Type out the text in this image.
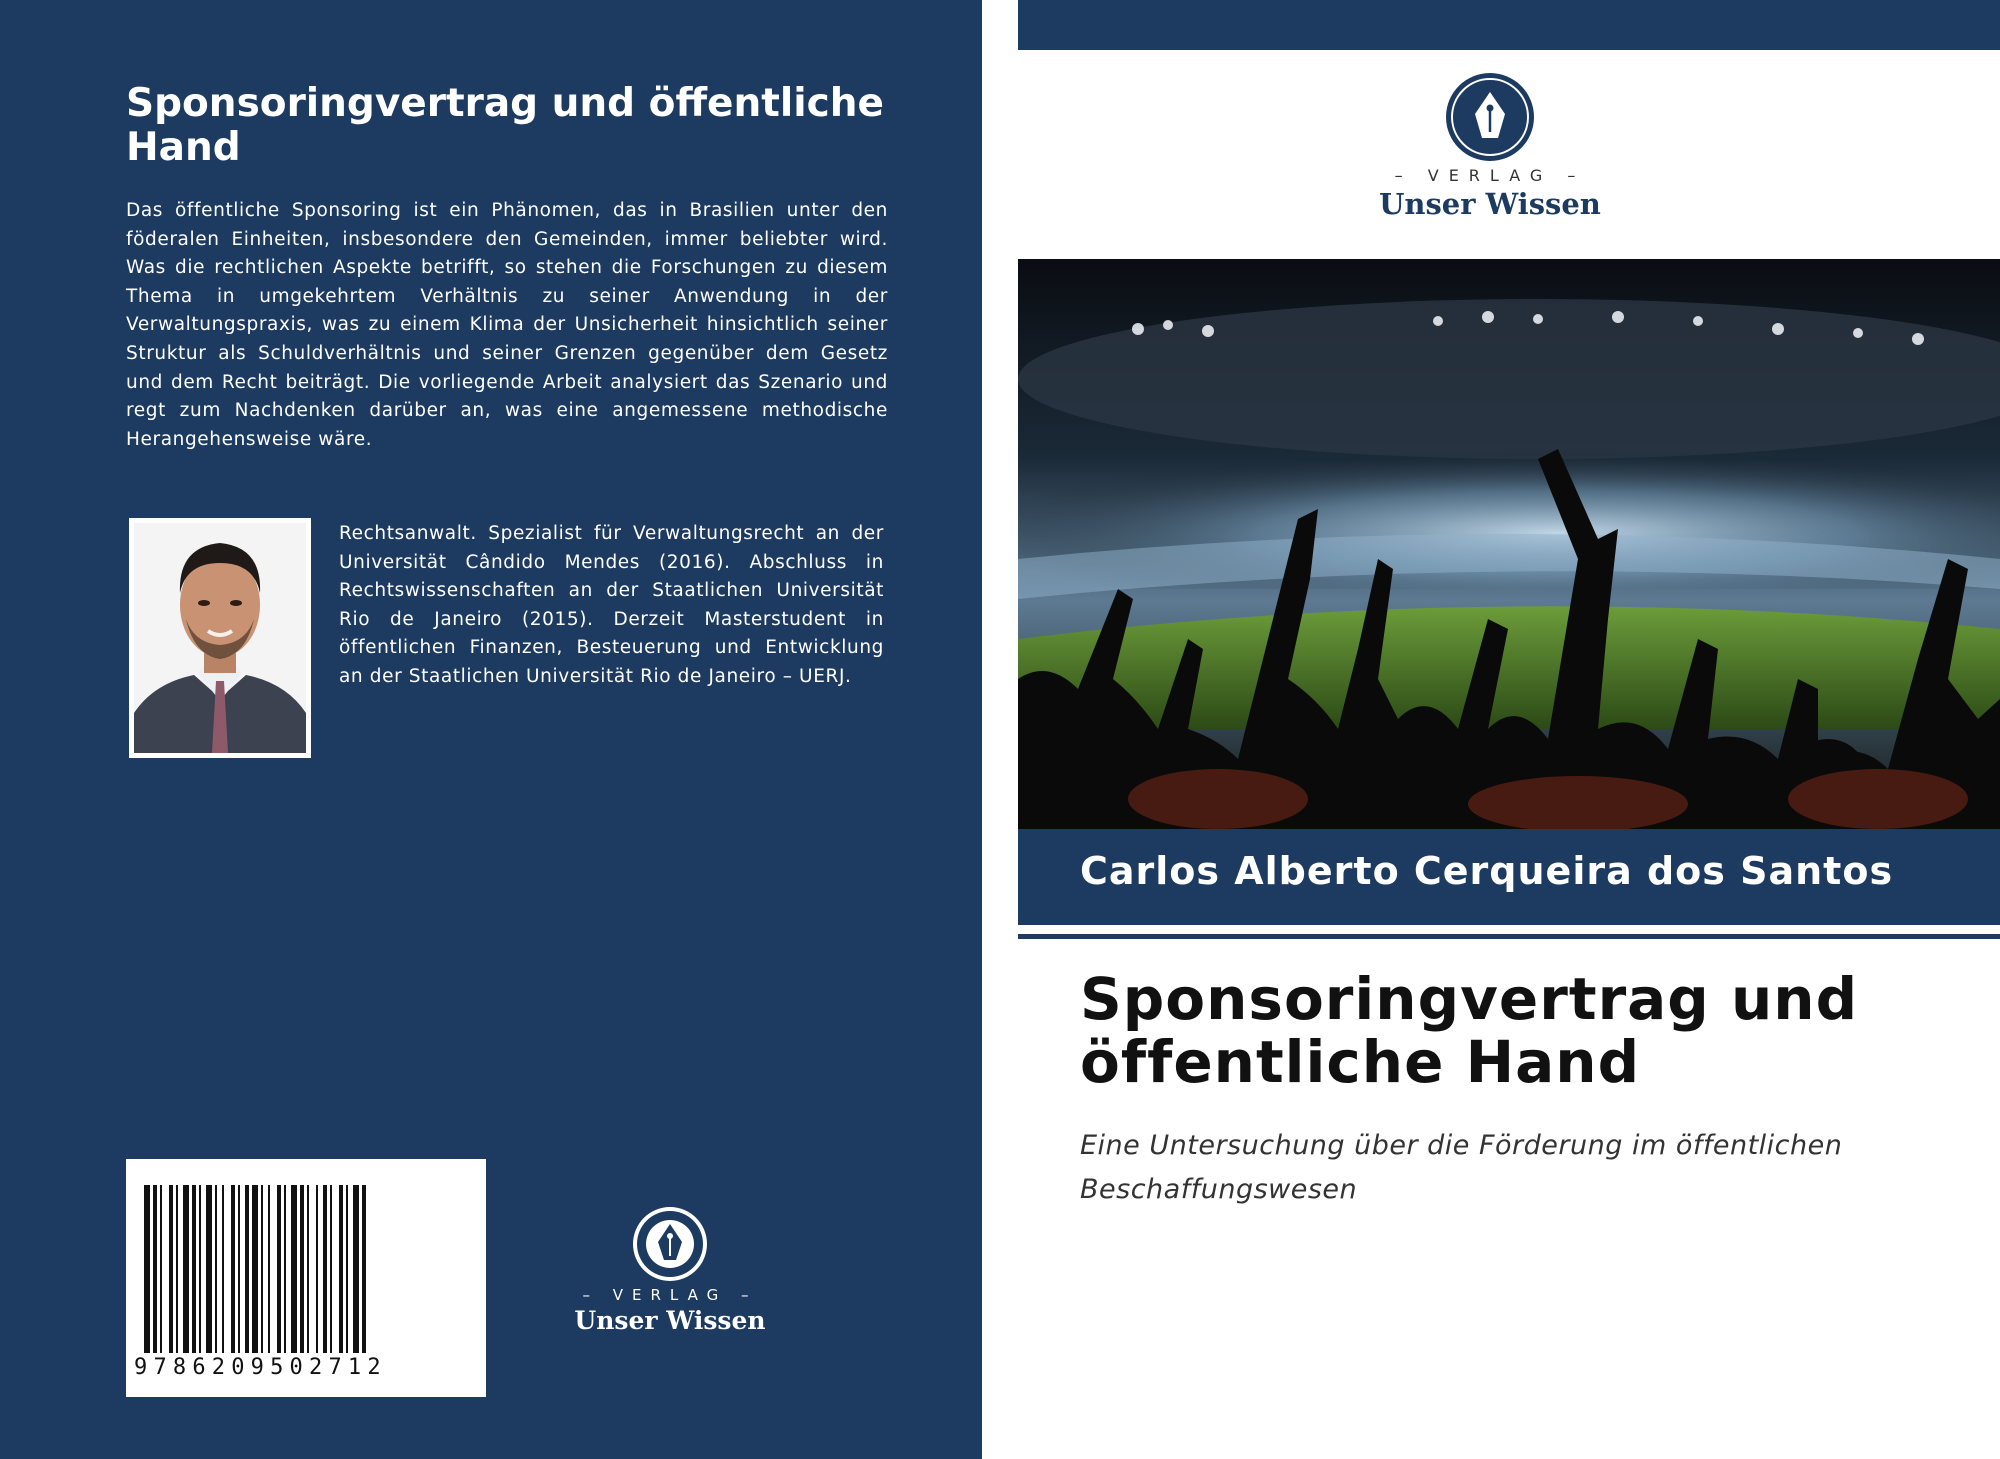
Sponsoringvertrag und öffentliche Hand

Das öffentliche Sponsoring ist ein Phänomen, das in Brasilien unter den föderalen Einheiten, insbesondere den Gemeinden, immer beliebter wird. Was die rechtlichen Aspekte betrifft, so stehen die Forschungen zu diesem Thema in umgekehrtem Verhältnis zu seiner Anwendung in der Verwaltungspraxis, was zu einem Klima der Unsicherheit hinsichtlich seiner Struktur als Schuldverhältnis und seiner Grenzen gegenüber dem Gesetz und dem Recht beiträgt. Die vorliegende Arbeit analysiert das Szenario und regt zum Nachdenken darüber an, was eine angemessene methodische Herangehensweise wäre.

Rechtsanwalt. Spezialist für Verwaltungsrecht an der Universität Cândido Mendes (2016). Abschluss in Rechtswissenschaften an der Staatlichen Universität Rio de Janeiro (2015). Derzeit Masterstudent in öffentlichen Finanzen, Besteuerung und Entwicklung an der Staatlichen Universität Rio de Janeiro – UERJ.

9786209502712
– VERLAG –
Unser Wissen
– VERLAG –
Unser Wissen
Carlos Alberto Cerqueira dos Santos
Sponsoringvertrag und öffentliche Hand

Eine Untersuchung über die Förderung im öffentlichen Beschaffungswesen
